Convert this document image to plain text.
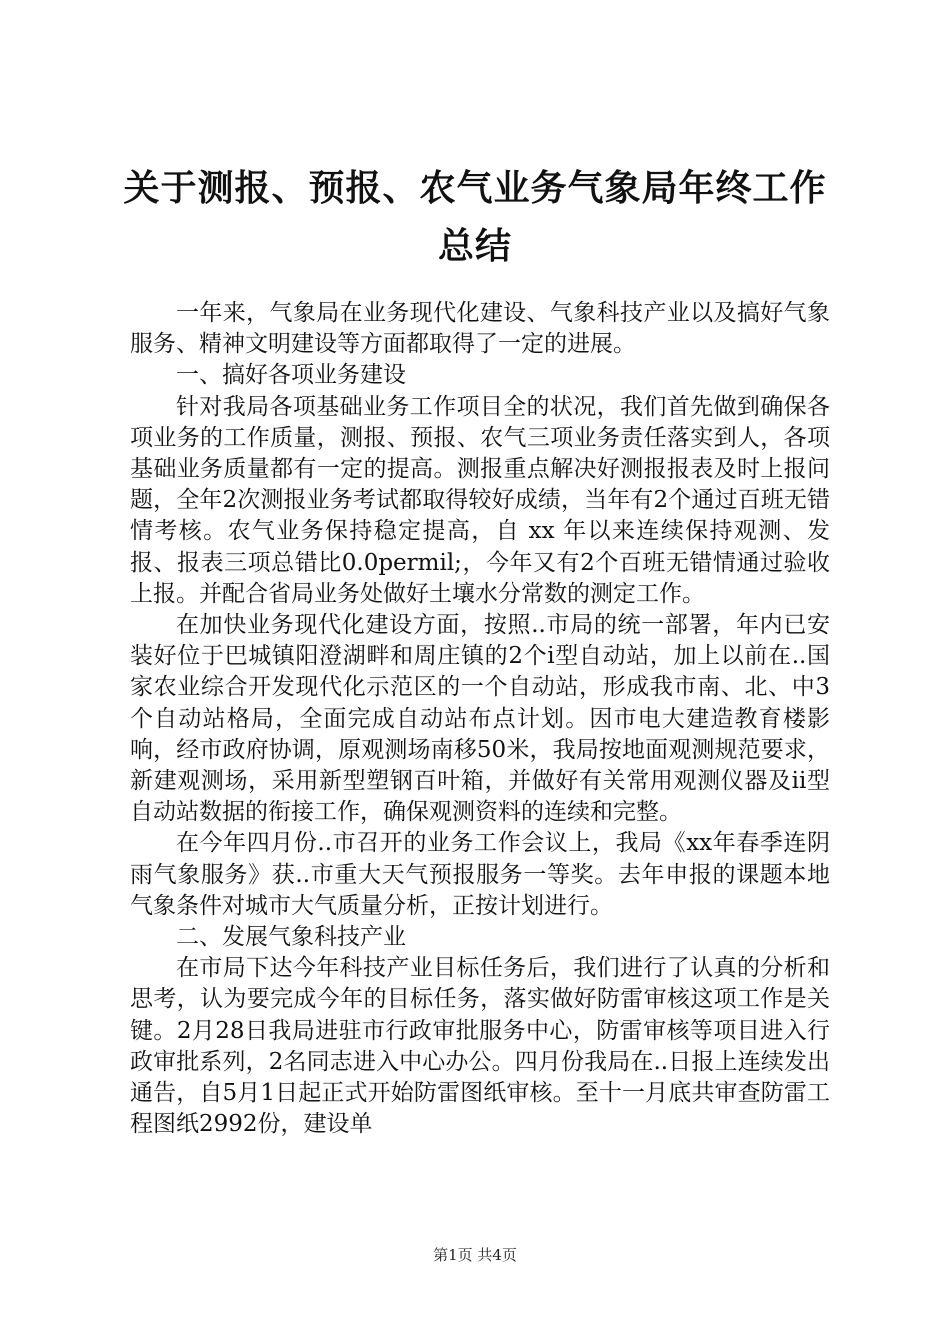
关于测报、预报、农气业务气象局年终工作总结

一年来，气象局在业务现代化建设、气象科技产业以及搞好气象服务、精神文明建设等方面都取得了一定的进展。

一、搞好各项业务建设

针对我局各项基础业务工作项目全的状况，我们首先做到确保各项业务的工作质量，测报、预报、农气三项业务责任落实到人，各项基础业务质量都有一定的提高。测报重点解决好测报报表及时上报问题，全年2次测报业务考试都取得较好成绩，当年有2个通过百班无错情考核。农气业务保持稳定提高，自 xx 年以来连续保持观测、发报、报表三项总错比0.0permil;，今年又有2个百班无错情通过验收上报。并配合省局业务处做好土壤水分常数的测定工作。

在加快业务现代化建设方面，按照..市局的统一部署，年内已安装好位于巴城镇阳澄湖畔和周庄镇的2个i型自动站，加上以前在..国家农业综合开发现代化示范区的一个自动站，形成我市南、北、中3个自动站格局，全面完成自动站布点计划。因市电大建造教育楼影响，经市政府协调，原观测场南移50米，我局按地面观测规范要求，新建观测场，采用新型塑钢百叶箱，并做好有关常用观测仪器及ii型自动站数据的衔接工作，确保观测资料的连续和完整。

在今年四月份..市召开的业务工作会议上，我局《xx年春季连阴雨气象服务》获..市重大天气预报服务一等奖。去年申报的课题本地气象条件对城市大气质量分析，正按计划进行。

二、发展气象科技产业

在市局下达今年科技产业目标任务后，我们进行了认真的分析和思考，认为要完成今年的目标任务，落实做好防雷审核这项工作是关键。2月28日我局进驻市行政审批服务中心，防雷审核等项目进入行政审批系列，2名同志进入中心办公。四月份我局在..日报上连续发出通告，自5月1日起正式开始防雷图纸审核。至十一月底共审查防雷工程图纸2992份，建设单

第1页 共4页
